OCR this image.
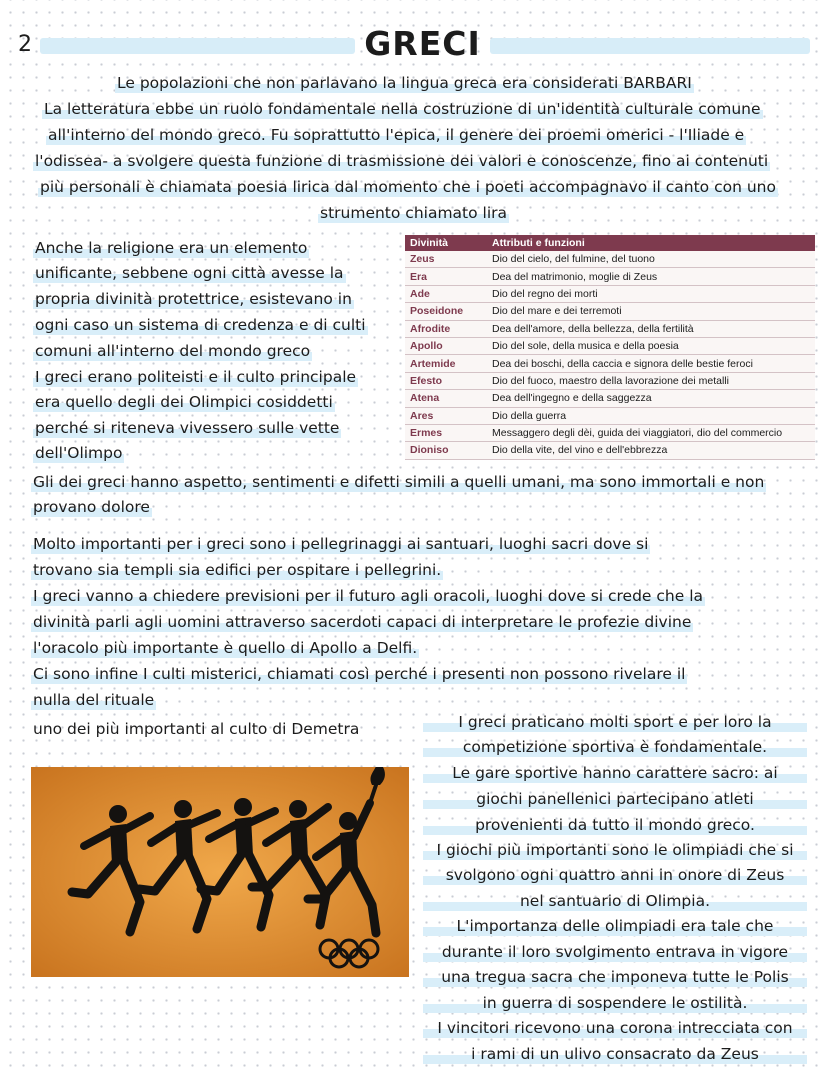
2	GRECI
Le popolazioni che non parlavano la lingua greca era considerati BARBARI
La letteratura ebbe un ruolo fondamentale nella costruzione di un'identità culturale comune
all'interno del mondo greco. Fu soprattutto l'epica, il genere dei proemi omerici - l'Iliade e
l'odissea- a svolgere questa funzione di trasmissione dei valori e conoscenze, fino ai contenuti
più personali è chiamata poesia lirica dal momento che i poeti accompagnavo il canto con uno
strumento chiamato lira
Anche la religione era un elemento
unificante, sebbene ogni città avesse la
propria divinità protettrice, esistevano in
ogni caso un sistema di credenza e di culti
comuni all'interno del mondo greco
I greci erano politeisti e il culto principale
era quello degli dei Olimpici cosiddetti
perché si riteneva vivessero sulle vette
dell'Olimpo
Divinità	Attributi e funzioni
Zeus	Dio del cielo, del fulmine, del tuono
Era	Dea del matrimonio, moglie di Zeus
Ade	Dio del regno dei morti
Poseidone	Dio del mare e dei terremoti
Afrodite	Dea dell'amore, della bellezza, della fertilità
Apollo	Dio del sole, della musica e della poesia
Artemide	Dea dei boschi, della caccia e signora delle bestie feroci
Efesto	Dio del fuoco, maestro della lavorazione dei metalli
Atena	Dea dell'ingegno e della saggezza
Ares	Dio della guerra
Ermes	Messaggero degli dèi, guida dei viaggiatori, dio del commercio
Dioniso	Dio della vite, del vino e dell'ebbrezza
Gli dei greci hanno aspetto, sentimenti e difetti simili a quelli umani, ma sono immortali e non
provano dolore
Molto importanti per i greci sono i pellegrinaggi ai santuari, luoghi sacri dove si
trovano sia templi sia edifici per ospitare i pellegrini.
I greci vanno a chiedere previsioni per il futuro agli oracoli, luoghi dove si crede che la
divinità parli agli uomini attraverso sacerdoti capaci di interpretare le profezie divine
l'oracolo più importante è quello di Apollo a Delfi.
Ci sono infine I culti misterici, chiamati così perché i presenti non possono rivelare il
nulla del rituale
uno dei più importanti al culto di Demetra	I greci praticano molti sport e per loro la
competizione sportiva è fondamentale.
Le gare sportive hanno carattere sacro: ai
giochi panellenici partecipano atleti
provenienti da tutto il mondo greco.
I giochi più importanti sono le olimpiadi che si
svolgono ogni quattro anni in onore di Zeus
nel santuario di Olimpia.
L'importanza delle olimpiadi era tale che
durante il loro svolgimento entrava in vigore
una tregua sacra che imponeva tutte le Polis
in guerra di sospendere le ostilità.
I vincitori ricevono una corona intrecciata con
i rami di un ulivo consacrato da Zeus
